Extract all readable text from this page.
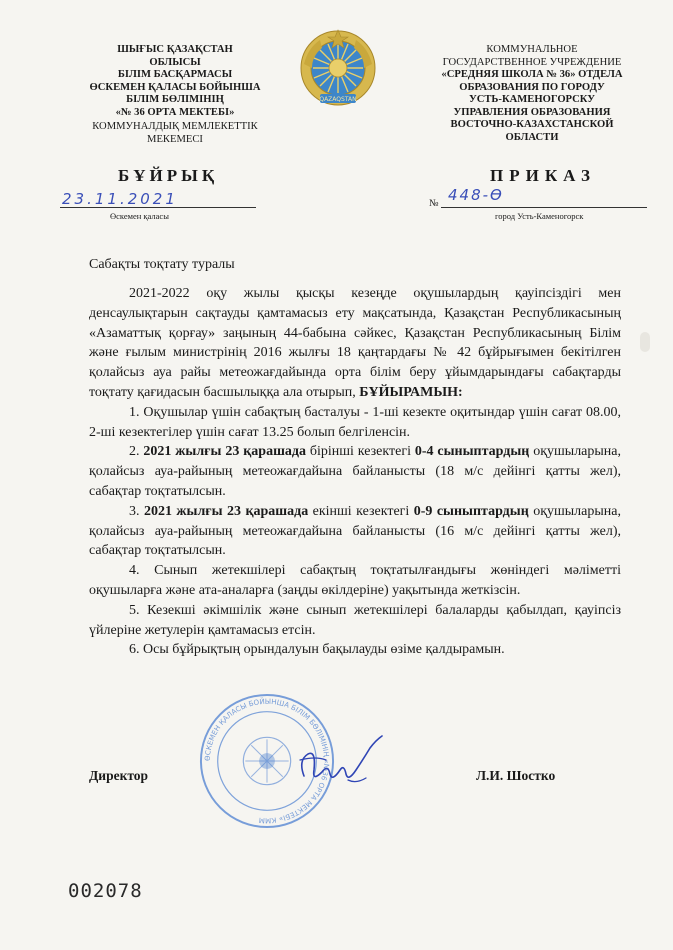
ШЫҒЫС ҚАЗАҚСТАН
ОБЛЫСЫ
БІЛІМ БАСҚАРМАСЫ
ӨСКЕМЕН ҚАЛАСЫ БОЙЫНША
БІЛІМ БӨЛІМІНІҢ
«№ 36 ОРТА МЕКТЕБІ»
КОММУНАЛДЫҚ МЕМЛЕКЕТТІК
МЕКЕМЕСІ
QAZAQSTAN
КОММУНАЛЬНОЕ
ГОСУДАРСТВЕННОЕ УЧРЕЖДЕНИЕ
«СРЕДНЯЯ ШКОЛА № 36» ОТДЕЛА
ОБРАЗОВАНИЯ ПО ГОРОДУ
УСТЬ-КАМЕНОГОРСКУ
УПРАВЛЕНИЯ ОБРАЗОВАНИЯ
ВОСТОЧНО-КАЗАХСТАНСКОЙ
ОБЛАСТИ
БҰЙРЫҚ	ПРИКАЗ
23.11.2021
Өскемен қаласы
№ 448-Ө
город Усть-Каменогорск
Сабақты тоқтату туралы

2021-2022 оқу жылы қысқы кезеңде оқушылардың қауіпсіздігі мен денсаулықтарын сақтауды қамтамасыз ету мақсатында, Қазақстан Республикасының «Азаматтық қорғау» заңының 44-бабына сәйкес, Қазақстан Республикасының Білім және ғылым министрінің 2016 жылғы 18 қаңтардағы № 42 бұйрығымен бекітілген қолайсыз ауа райы метеожағдайында орта білім беру ұйымдарындағы сабақтарды тоқтату қағидасын басшылыққа ала отырып, БҰЙЫРАМЫН:

1. Оқушылар үшін сабақтың басталуы - 1-ші кезекте оқитындар үшін сағат 08.00, 2-ші кезектегілер үшін сағат 13.25 болып белгіленсін.

2. 2021 жылғы 23 қарашада бірінші кезектегі 0-4 сыныптардың оқушыларына, қолайсыз ауа-райының метеожағдайына байланысты (18 м/с дейінгі қатты жел), сабақтар тоқтатылсын.

3. 2021 жылғы 23 қарашада екінші кезектегі 0-9 сыныптардың оқушыларына, қолайсыз ауа-райының метеожағдайына байланысты (16 м/с дейінгі қатты жел), сабақтар тоқтатылсын.

4. Сынып жетекшілері сабақтың тоқтатылғандығы жөніндегі мәліметті оқушыларға және ата-аналарға (заңды өкілдеріне) уақытында жеткізсін.

5. Кезекші әкімшілік және сынып жетекшілері балаларды қабылдап, қауіпсіз үйлеріне жетулерін қамтамасыз етсін.

6. Осы бұйрықтың орындалуын бақылауды өзіме қалдырамын.

ӨСКЕМЕН ҚАЛАСЫ БОЙЫНША БІЛІМ БӨЛІМІНІҢ «№36 ОРТА МЕКТЕБІ» КММ
Директор	Л.И. Шостко
002078
